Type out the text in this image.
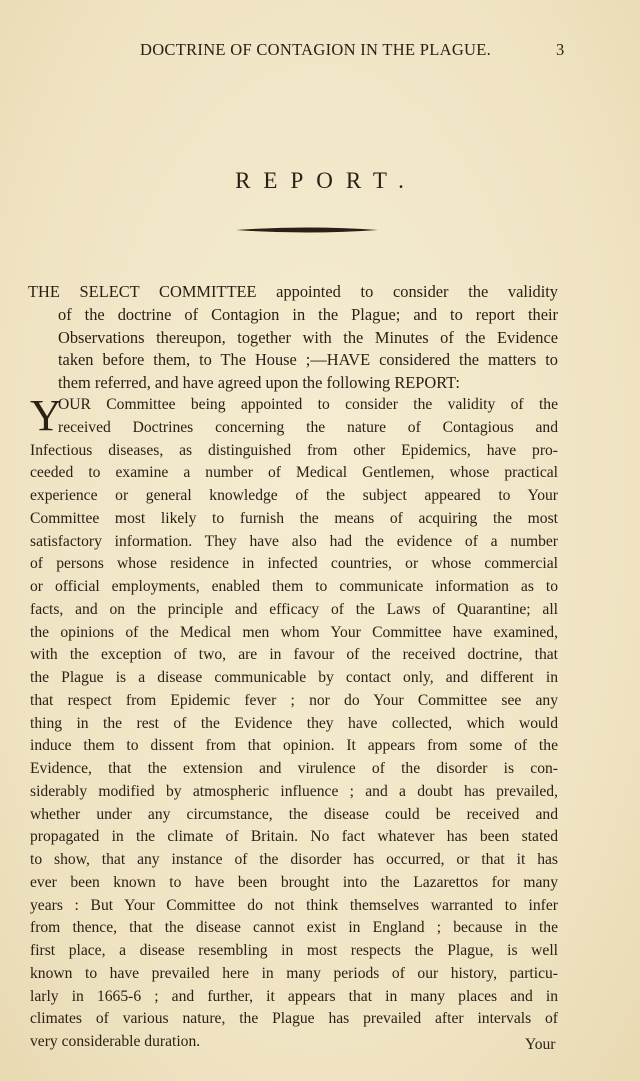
DOCTRINE OF CONTAGION IN THE PLAGUE.	3
REPORT.
THE SELECT COMMITTEE appointed to consider the validity
of the doctrine of Contagion in the Plague; and to report their
Observations thereupon, together with the Minutes of the Evidence
taken before them, to The House ;—HAVE considered the matters to
them referred, and have agreed upon the following REPORT:
Y
OUR Committee being appointed to consider the validity of the
received Doctrines concerning the nature of Contagious and
Infectious diseases, as distinguished from other Epidemics, have pro-
ceeded to examine a number of Medical Gentlemen, whose practical
experience or general knowledge of the subject appeared to Your
Committee most likely to furnish the means of acquiring the most
satisfactory information. They have also had the evidence of a number
of persons whose residence in infected countries, or whose commercial
or official employments, enabled them to communicate information as to
facts, and on the principle and efficacy of the Laws of Quarantine; all
the opinions of the Medical men whom Your Committee have examined,
with the exception of two, are in favour of the received doctrine, that
the Plague is a disease communicable by contact only, and different in
that respect from Epidemic fever ; nor do Your Committee see any
thing in the rest of the Evidence they have collected, which would
induce them to dissent from that opinion. It appears from some of the
Evidence, that the extension and virulence of the disorder is con-
siderably modified by atmospheric influence ; and a doubt has prevailed,
whether under any circumstance, the disease could be received and
propagated in the climate of Britain. No fact whatever has been stated
to show, that any instance of the disorder has occurred, or that it has
ever been known to have been brought into the Lazarettos for many
years : But Your Committee do not think themselves warranted to infer
from thence, that the disease cannot exist in England ; because in the
first place, a disease resembling in most respects the Plague, is well
known to have prevailed here in many periods of our history, particu-
larly in 1665-6 ; and further, it appears that in many places and in
climates of various nature, the Plague has prevailed after intervals of
very considerable duration.	Your
